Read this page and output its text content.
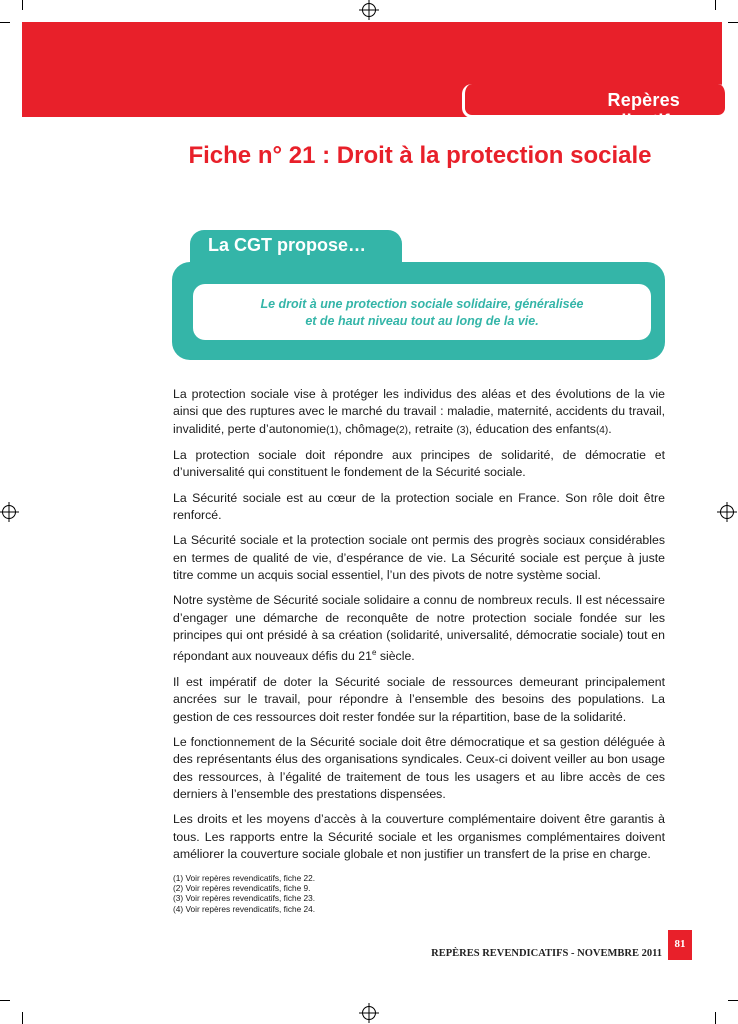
Repères revendicatifs
Fiche n° 21 : Droit à la protection sociale
La CGT propose…
Le droit à une protection sociale solidaire, généralisée
et de haut niveau tout au long de la vie.

La protection sociale vise à protéger les individus des aléas et des évolutions de la vie ainsi que des ruptures avec le marché du travail : maladie, maternité, accidents du travail, invalidité, perte d’autonomie(1), chômage(2), retraite (3), éducation des enfants(4).

La protection sociale doit répondre aux principes de solidarité, de démocratie et d’universalité qui constituent le fondement de la Sécurité sociale.

La Sécurité sociale est au cœur de la protection sociale en France. Son rôle doit être renforcé.

La Sécurité sociale et la protection sociale ont permis des progrès sociaux considérables en termes de qualité de vie, d’espérance de vie. La Sécurité sociale est perçue à juste titre comme un acquis social essentiel, l’un des pivots de notre système social.

Notre système de Sécurité sociale solidaire a connu de nombreux reculs. Il est nécessaire d’engager une démarche de reconquête de notre protection sociale fondée sur les principes qui ont présidé à sa création (solidarité, universalité, démocratie sociale) tout en répondant aux nouveaux défis du 21e siècle.

Il est impératif de doter la Sécurité sociale de ressources demeurant principalement ancrées sur le travail, pour répondre à l’ensemble des besoins des populations. La gestion de ces ressources doit rester fondée sur la répartition, base de la solidarité.

Le fonctionnement de la Sécurité sociale doit être démocratique et sa gestion déléguée à des représentants élus des organisations syndicales. Ceux-ci doivent veiller au bon usage des ressources, à l’égalité de traitement de tous les usagers et au libre accès de ces derniers à l’ensemble des prestations dispensées.

Les droits et les moyens d’accès à la couverture complémentaire doivent être garantis à tous. Les rapports entre la Sécurité sociale et les organismes complémentaires doivent améliorer la couverture sociale globale et non justifier un transfert de la prise en charge.

(1) Voir repères revendicatifs, fiche 22.
(2) Voir repères revendicatifs, fiche 9.
(3) Voir repères revendicatifs, fiche 23.
(4) Voir repères revendicatifs, fiche 24.
REPÈRES REVENDICATIFS - NOVEMBRE 2011
81
